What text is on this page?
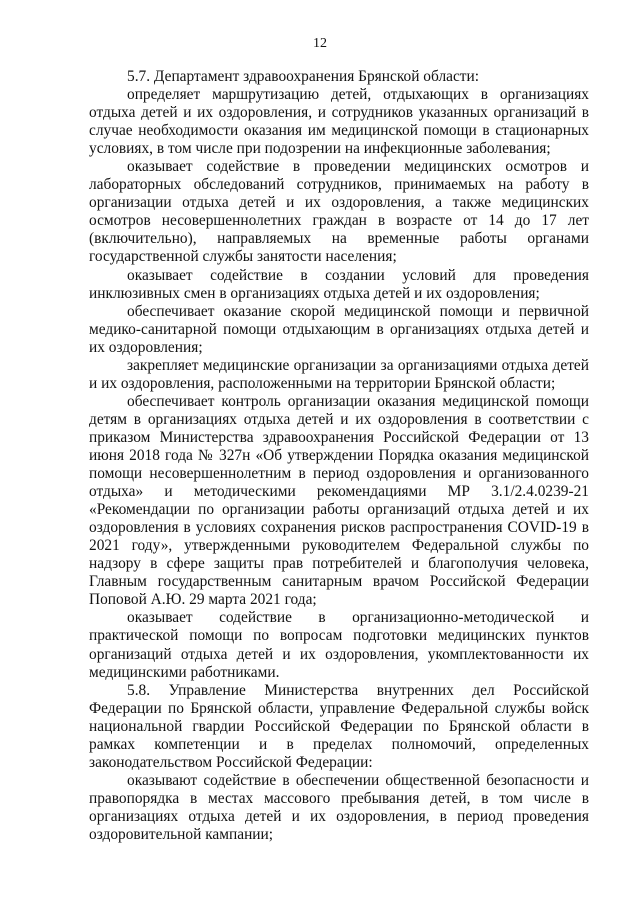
12

5.7. Департамент здравоохранения Брянской области:

определяет маршрутизацию детей, отдыхающих в организациях отдыха детей и их оздоровления, и сотрудников указанных организаций в случае необходимости оказания им медицинской помощи в стационарных условиях, в том числе при подозрении на инфекционные заболевания;

оказывает содействие в проведении медицинских осмотров и лабораторных обследований сотрудников, принимаемых на работу в организации отдыха детей и их оздоровления, а также медицинских осмотров несовершеннолетних граждан в возрасте от 14 до 17 лет (включительно), направляемых на временные работы органами государственной службы занятости населения;

оказывает содействие в создании условий для проведения инклюзивных смен в организациях отдыха детей и их оздоровления;

обеспечивает оказание скорой медицинской помощи и первичной медико-санитарной помощи отдыхающим в организациях отдыха детей и их оздоровления;

закрепляет медицинские организации за организациями отдыха детей и их оздоровления, расположенными на территории Брянской области;

обеспечивает контроль организации оказания медицинской помощи детям в организациях отдыха детей и их оздоровления в соответствии с приказом Министерства здравоохранения Российской Федерации от 13 июня 2018 года № 327н «Об утверждении Порядка оказания медицинской помощи несовершеннолетним в период оздоровления и организованного отдыха» и методическими рекомендациями МР 3.1/2.4.0239-21 «Рекомендации по организации работы организаций отдыха детей и их оздоровления в условиях сохранения рисков распространения COVID-19 в 2021 году», утвержденными руководителем Федеральной службы по надзору в сфере защиты прав потребителей и благополучия человека, Главным государственным санитарным врачом Российской Федерации Поповой А.Ю. 29 марта 2021 года;

оказывает содействие в организационно-методической и практической помощи по вопросам подготовки медицинских пунктов организаций отдыха детей и их оздоровления, укомплектованности их медицинскими работниками.

5.8. Управление Министерства внутренних дел Российской Федерации по Брянской области, управление Федеральной службы войск национальной гвардии Российской Федерации по Брянской области в рамках компетенции и в пределах полномочий, определенных законодательством Российской Федерации:

оказывают содействие в обеспечении общественной безопасности и правопорядка в местах массового пребывания детей, в том числе в организациях отдыха детей и их оздоровления, в период проведения оздоровительной кампании;
